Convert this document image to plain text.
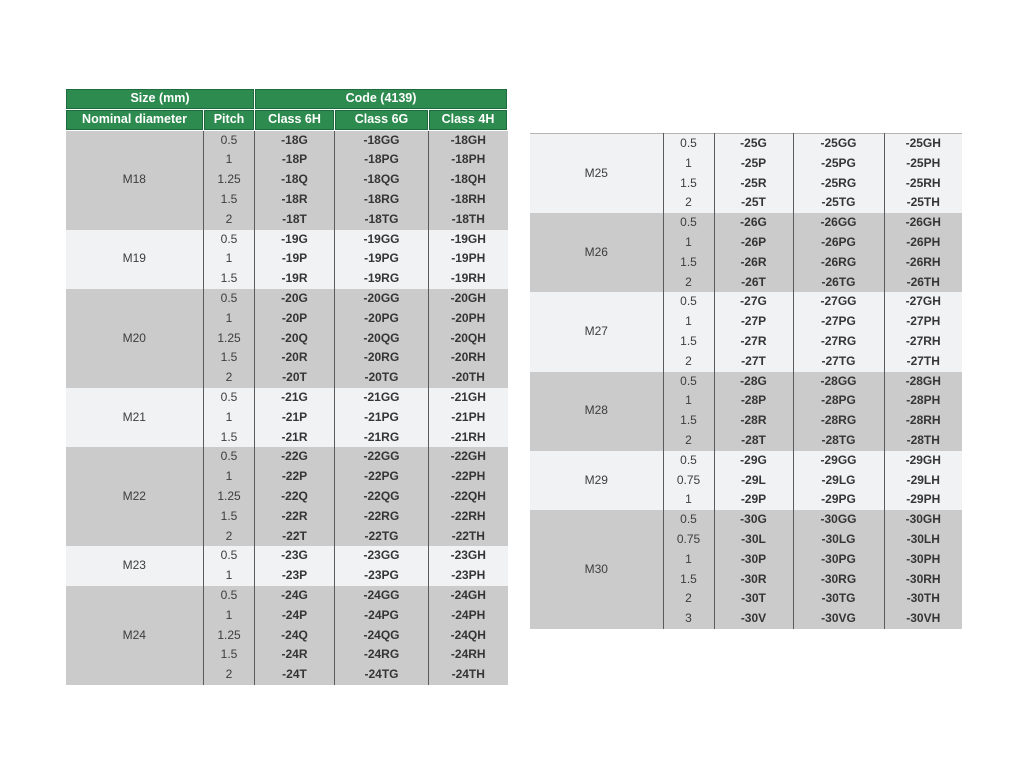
Size (mm)		Code (4139)		
Nominal diameter	Pitch	Class 6H	Class 6G	Class 4H
M18	0.5	-18G	-18GG	-18GH
	1	-18P	-18PG	-18PH
	1.25	-18Q	-18QG	-18QH
	1.5	-18R	-18RG	-18RH
	2	-18T	-18TG	-18TH
M19	0.5	-19G	-19GG	-19GH
	1	-19P	-19PG	-19PH
	1.5	-19R	-19RG	-19RH
M20	0.5	-20G	-20GG	-20GH
	1	-20P	-20PG	-20PH
	1.25	-20Q	-20QG	-20QH
	1.5	-20R	-20RG	-20RH
	2	-20T	-20TG	-20TH
M21	0.5	-21G	-21GG	-21GH
	1	-21P	-21PG	-21PH
	1.5	-21R	-21RG	-21RH
M22	0.5	-22G	-22GG	-22GH
	1	-22P	-22PG	-22PH
	1.25	-22Q	-22QG	-22QH
	1.5	-22R	-22RG	-22RH
	2	-22T	-22TG	-22TH
M23	0.5	-23G	-23GG	-23GH
	1	-23P	-23PG	-23PH
M24	0.5	-24G	-24GG	-24GH
	1	-24P	-24PG	-24PH
	1.25	-24Q	-24QG	-24QH
	1.5	-24R	-24RG	-24RH
	2	-24T	-24TG	-24TH
M25	0.5	-25G	-25GG	-25GH
	1	-25P	-25PG	-25PH
	1.5	-25R	-25RG	-25RH
	2	-25T	-25TG	-25TH
M26	0.5	-26G	-26GG	-26GH
	1	-26P	-26PG	-26PH
	1.5	-26R	-26RG	-26RH
	2	-26T	-26TG	-26TH
M27	0.5	-27G	-27GG	-27GH
	1	-27P	-27PG	-27PH
	1.5	-27R	-27RG	-27RH
	2	-27T	-27TG	-27TH
M28	0.5	-28G	-28GG	-28GH
	1	-28P	-28PG	-28PH
	1.5	-28R	-28RG	-28RH
	2	-28T	-28TG	-28TH
M29	0.5	-29G	-29GG	-29GH
	0.75	-29L	-29LG	-29LH
	1	-29P	-29PG	-29PH
M30	0.5	-30G	-30GG	-30GH
	0.75	-30L	-30LG	-30LH
	1	-30P	-30PG	-30PH
	1.5	-30R	-30RG	-30RH
	2	-30T	-30TG	-30TH
	3	-30V	-30VG	-30VH
